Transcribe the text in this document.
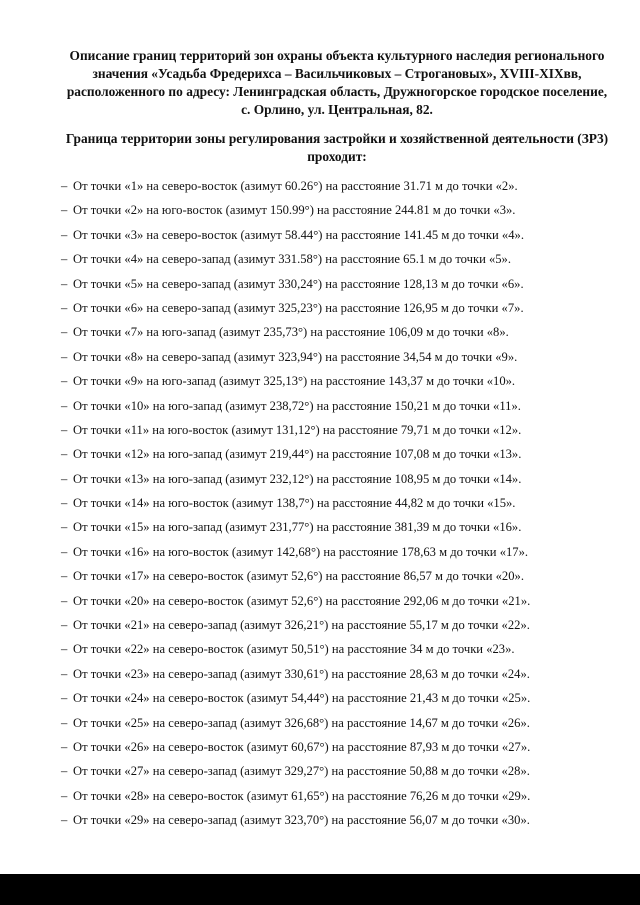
Описание границ территорий зон охраны объекта культурного наследия регионального значения «Усадьба Фредерихса – Васильчиковых – Строгановых», XVIII-XIXвв, расположенного по адресу: Ленинградская область, Дружногорское городское поселение, с. Орлино, ул. Центральная, 82.
Граница территории зоны регулирования застройки и хозяйственной деятельности (ЗР3) проходит:
– От точки «1» на северо-восток (азимут 60.26°) на расстояние 31.71 м до точки «2».
– От точки «2» на юго-восток (азимут 150.99°) на расстояние 244.81 м до точки «3».
– От точки «3» на северо-восток (азимут 58.44°) на расстояние 141.45 м до точки «4».
– От точки «4» на северо-запад (азимут 331.58°) на расстояние 65.1 м до точки «5».
– От точки «5» на северо-запад (азимут 330,24°) на расстояние 128,13 м до точки «6».
– От точки «6» на северо-запад (азимут 325,23°) на расстояние 126,95 м до точки «7».
– От точки «7» на юго-запад (азимут 235,73°) на расстояние 106,09 м до точки «8».
– От точки «8» на северо-запад (азимут 323,94°) на расстояние 34,54 м до точки «9».
– От точки «9» на юго-запад (азимут 325,13°) на расстояние 143,37 м до точки «10».
– От точки «10» на юго-запад (азимут 238,72°) на расстояние 150,21 м до точки «11».
– От точки «11» на юго-восток (азимут 131,12°) на расстояние 79,71 м до точки «12».
– От точки «12» на юго-запад (азимут 219,44°) на расстояние 107,08 м до точки «13».
– От точки «13» на юго-запад (азимут 232,12°) на расстояние 108,95 м до точки «14».
– От точки «14» на юго-восток (азимут 138,7°) на расстояние 44,82 м до точки «15».
– От точки «15» на юго-запад (азимут 231,77°) на расстояние 381,39 м до точки «16».
– От точки «16» на юго-восток (азимут 142,68°) на расстояние 178,63 м до точки «17».
– От точки «17» на северо-восток (азимут 52,6°) на расстояние 86,57 м до точки «20».
– От точки «20» на северо-восток (азимут 52,6°) на расстояние 292,06 м до точки «21».
– От точки «21» на северо-запад (азимут 326,21°) на расстояние 55,17 м до точки «22».
– От точки «22» на северо-восток (азимут 50,51°) на расстояние 34 м до точки «23».
– От точки «23» на северо-запад (азимут 330,61°) на расстояние 28,63 м до точки «24».
– От точки «24» на северо-восток (азимут 54,44°) на расстояние 21,43 м до точки «25».
– От точки «25» на северо-запад (азимут 326,68°) на расстояние 14,67 м до точки «26».
– От точки «26» на северо-восток (азимут 60,67°) на расстояние 87,93 м до точки «27».
– От точки «27» на северо-запад (азимут 329,27°) на расстояние 50,88 м до точки «28».
– От точки «28» на северо-восток (азимут 61,65°) на расстояние 76,26 м до точки «29».
– От точки «29» на северо-запад (азимут 323,70°) на расстояние 56,07 м до точки «30».
